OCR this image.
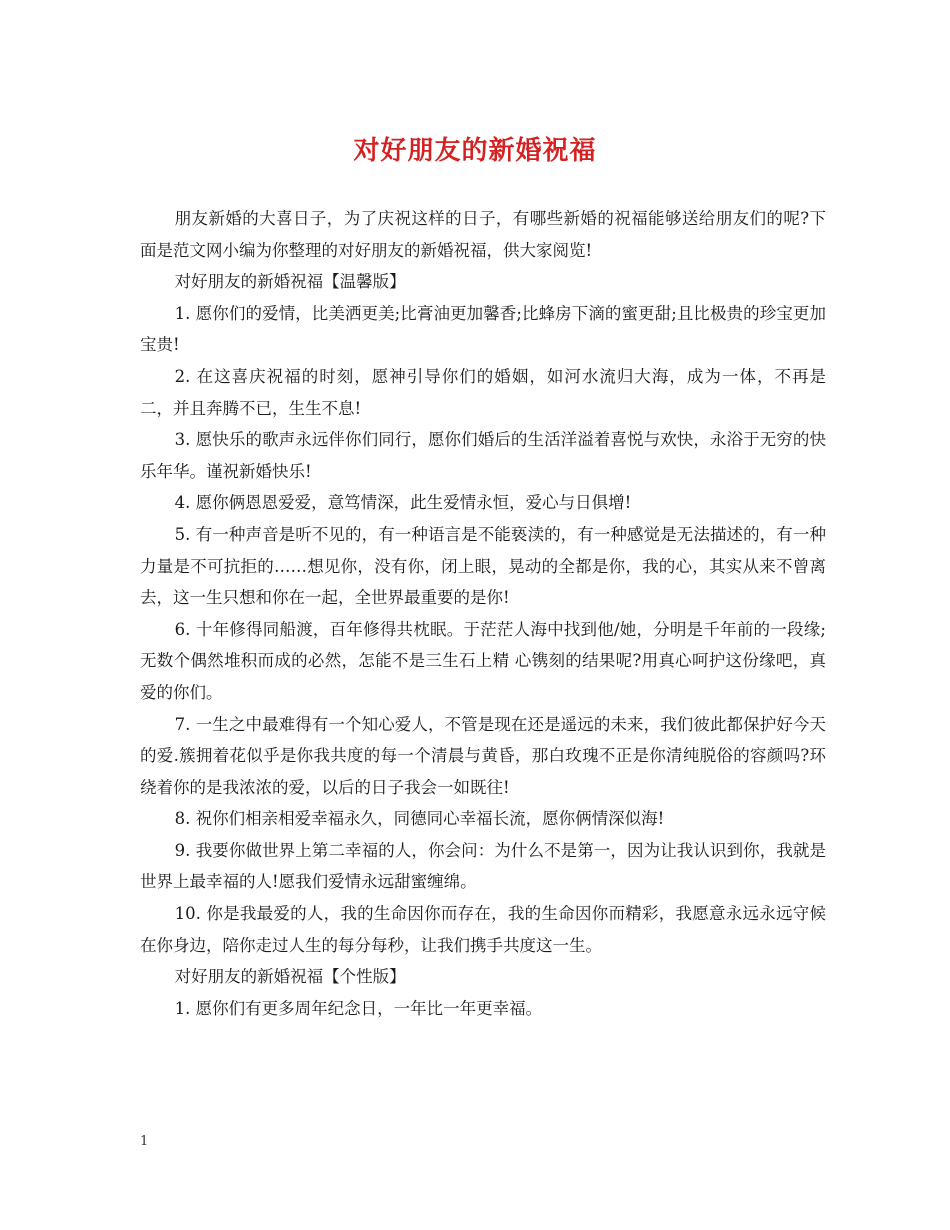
对好朋友的新婚祝福

朋友新婚的大喜日子，为了庆祝这样的日子，有哪些新婚的祝福能够送给朋友们的呢?下面是范文网小编为你整理的对好朋友的新婚祝福，供大家阅览!

对好朋友的新婚祝福【温馨版】

1. 愿你们的爱情，比美洒更美;比膏油更加馨香;比蜂房下滴的蜜更甜;且比极贵的珍宝更加宝贵!

2. 在这喜庆祝福的时刻，愿神引导你们的婚姻，如河水流归大海，成为一体，不再是 二，并且奔腾不已，生生不息!

3. 愿快乐的歌声永远伴你们同行，愿你们婚后的生活洋溢着喜悦与欢快，永浴于无穷的快乐年华。谨祝新婚快乐!

4. 愿你俩恩恩爱爱，意笃情深，此生爱情永恒，爱心与日俱增!

5. 有一种声音是听不见的，有一种语言是不能亵渎的，有一种感觉是无法描述的，有一种力量是不可抗拒的……想见你，没有你，闭上眼，晃动的全都是你，我的心，其实从来不曾离去，这一生只想和你在一起，全世界最重要的是你!

6. 十年修得同船渡，百年修得共枕眠。于茫茫人海中找到他/她，分明是千年前的一段缘;无数个偶然堆积而成的必然，怎能不是三生石上精 心镌刻的结果呢?用真心呵护这份缘吧，真爱的你们。

7. 一生之中最难得有一个知心爱人，不管是现在还是遥远的未来，我们彼此都保护好今天的爱.簇拥着花似乎是你我共度的每一个清晨与黄昏，那白玫瑰不正是你清纯脱俗的容颜吗?环绕着你的是我浓浓的爱，以后的日子我会一如既往!

8. 祝你们相亲相爱幸福永久，同德同心幸福长流，愿你俩情深似海!

9. 我要你做世界上第二幸福的人，你会问：为什么不是第一，因为让我认识到你，我就是世界上最幸福的人!愿我们爱情永远甜蜜缠绵。

10. 你是我最爱的人，我的生命因你而存在，我的生命因你而精彩，我愿意永远永远守候在你身边，陪你走过人生的每分每秒，让我们携手共度这一生。

对好朋友的新婚祝福【个性版】

1. 愿你们有更多周年纪念日，一年比一年更幸福。

1
